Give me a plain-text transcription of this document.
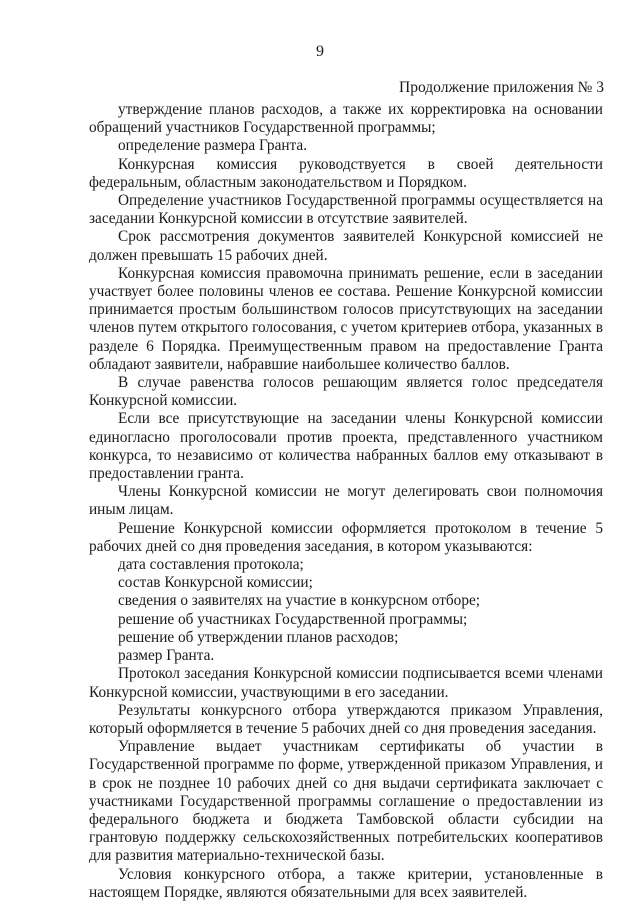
9
Продолжение приложения № 3

утверждение планов расходов, а также их корректировка на основании обращений участников Государственной программы;

определение размера Гранта.

Конкурсная комиссия руководствуется в своей деятельности федеральным, областным законодательством и Порядком.

Определение участников Государственной программы осуществляется на заседании Конкурсной комиссии в отсутствие заявителей.

Срок рассмотрения документов заявителей Конкурсной комиссией не должен превышать 15 рабочих дней.

Конкурсная комиссия правомочна принимать решение, если в заседании участвует более половины членов ее состава. Решение Конкурсной комиссии принимается простым большинством голосов присутствующих на заседании членов путем открытого голосования, с учетом критериев отбора, указанных в разделе 6 Порядка. Преимущественным правом на предоставление Гранта обладают заявители, набравшие наибольшее количество баллов.

В случае равенства голосов решающим является голос председателя Конкурсной комиссии.

Если все присутствующие на заседании члены Конкурсной комиссии единогласно проголосовали против проекта, представленного участником конкурса, то независимо от количества набранных баллов ему отказывают в предоставлении гранта.

Члены Конкурсной комиссии не могут делегировать свои полномочия иным лицам.

Решение Конкурсной комиссии оформляется протоколом в течение 5 рабочих дней со дня проведения заседания, в котором указываются:

дата составления протокола;

состав Конкурсной комиссии;

сведения о заявителях на участие в конкурсном отборе;

решение об участниках Государственной программы;

решение об утверждении планов расходов;

размер Гранта.

Протокол заседания Конкурсной комиссии подписывается всеми членами Конкурсной комиссии, участвующими в его заседании.

Результаты конкурсного отбора утверждаются приказом Управления, который оформляется в течение 5 рабочих дней со дня проведения заседания.

Управление выдает участникам сертификаты об участии в Государственной программе по форме, утвержденной приказом Управления, и в срок не позднее 10 рабочих дней со дня выдачи сертификата заключает с участниками Государственной программы соглашение о предоставлении из федерального бюджета и бюджета Тамбовской области субсидии на грантовую поддержку сельскохозяйственных потребительских кооперативов для развития материально-технической базы.

Условия конкурсного отбора, а также критерии, установленные в настоящем Порядке, являются обязательными для всех заявителей.
